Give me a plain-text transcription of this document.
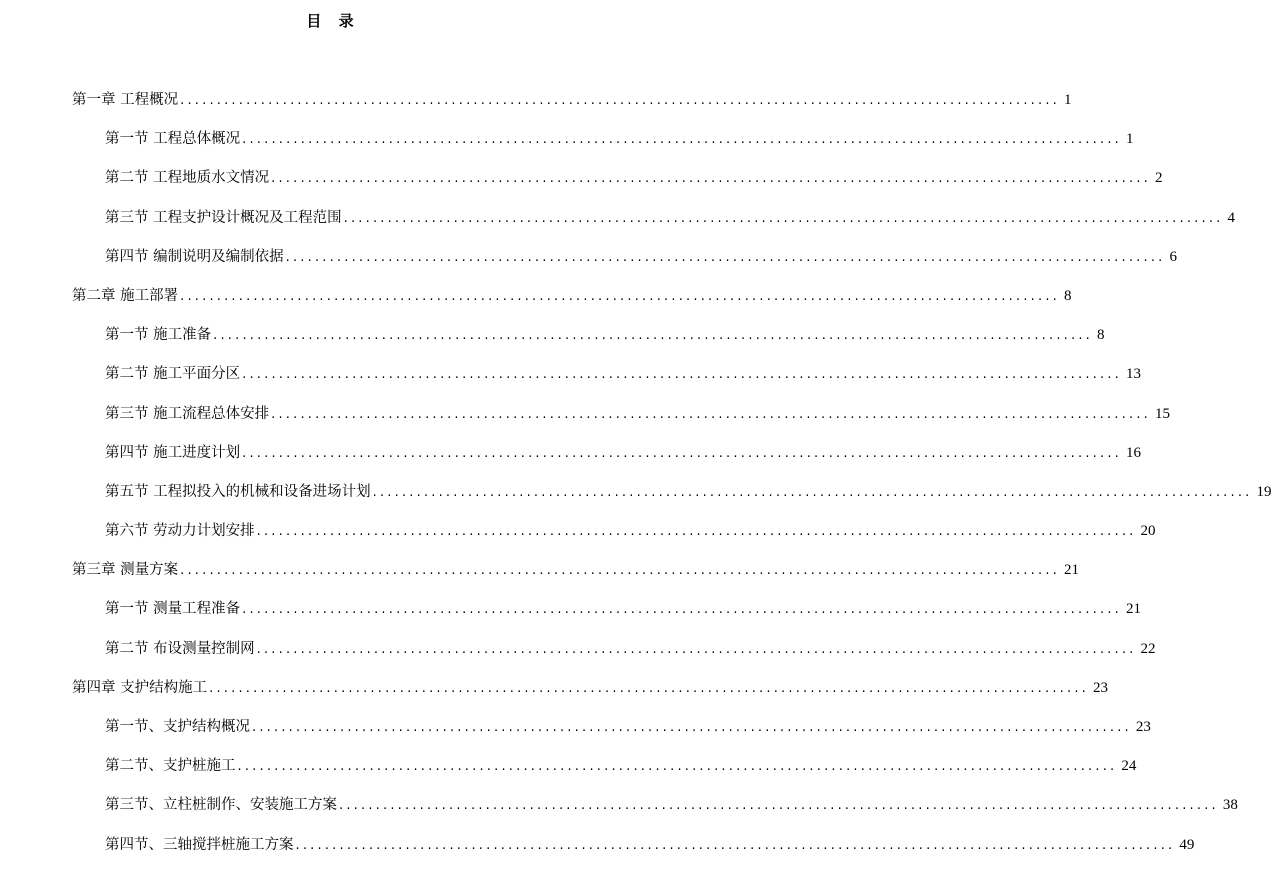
目 录
第一章 工程概况 ........................................................................................................................ 1
第一节 工程总体概况 ........................................................................................................................ 1
第二节 工程地质水文情况 ........................................................................................................................ 2
第三节 工程支护设计概况及工程范围 ........................................................................................................................ 4
第四节 编制说明及编制依据 ........................................................................................................................ 6
第二章 施工部署 ........................................................................................................................ 8
第一节 施工准备 ........................................................................................................................ 8
第二节 施工平面分区 ........................................................................................................................ 13
第三节 施工流程总体安排 ........................................................................................................................ 15
第四节 施工进度计划 ........................................................................................................................ 16
第五节 工程拟投入的机械和设备进场计划 ........................................................................................................................ 19
第六节 劳动力计划安排 ........................................................................................................................ 20
第三章 测量方案 ........................................................................................................................ 21
第一节 测量工程准备 ........................................................................................................................ 21
第二节 布设测量控制网 ........................................................................................................................ 22
第四章 支护结构施工 ........................................................................................................................ 23
第一节、支护结构概况 ........................................................................................................................ 23
第二节、支护桩施工 ........................................................................................................................ 24
第三节、立柱桩制作、安装施工方案 ........................................................................................................................ 38
第四节、三轴搅拌桩施工方案 ........................................................................................................................ 49
